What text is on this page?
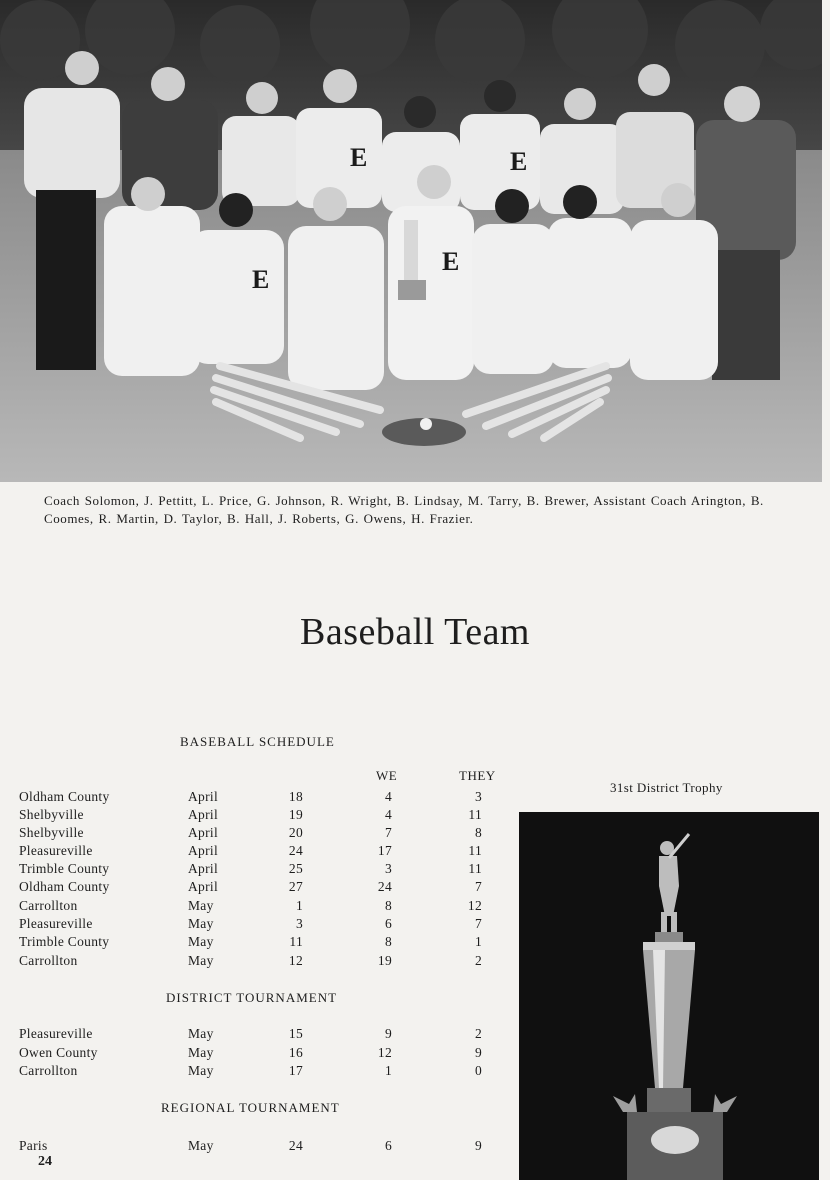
E	E
E
E
Coach Solomon, J. Pettitt, L. Price, G. Johnson, R. Wright, B. Lindsay, M. Tarry, B. Brewer, Assistant Coach Arington, B. Coomes, R. Martin, D. Taylor, B. Hall, J. Roberts, G. Owens, H. Frazier.
Baseball Team
BASEBALL SCHEDULE
WE	THEY
Oldham County	April	18	4	3
Shelbyville	April	19	4	11
Shelbyville	April	20	7	8
Pleasureville	April	24	17	11
Trimble County	April	25	3	11
Oldham County	April	27	24	7
Carrollton	May	1	8	12
Pleasureville	May	3	6	7
Trimble County	May	11	8	1
Carrollton	May	12	19	2
DISTRICT TOURNAMENT
Pleasureville	May	15	9	2
Owen County	May	16	12	9
Carrollton	May	17	1	0
REGIONAL TOURNAMENT
Paris	May	24	6	9
31st District Trophy
24
